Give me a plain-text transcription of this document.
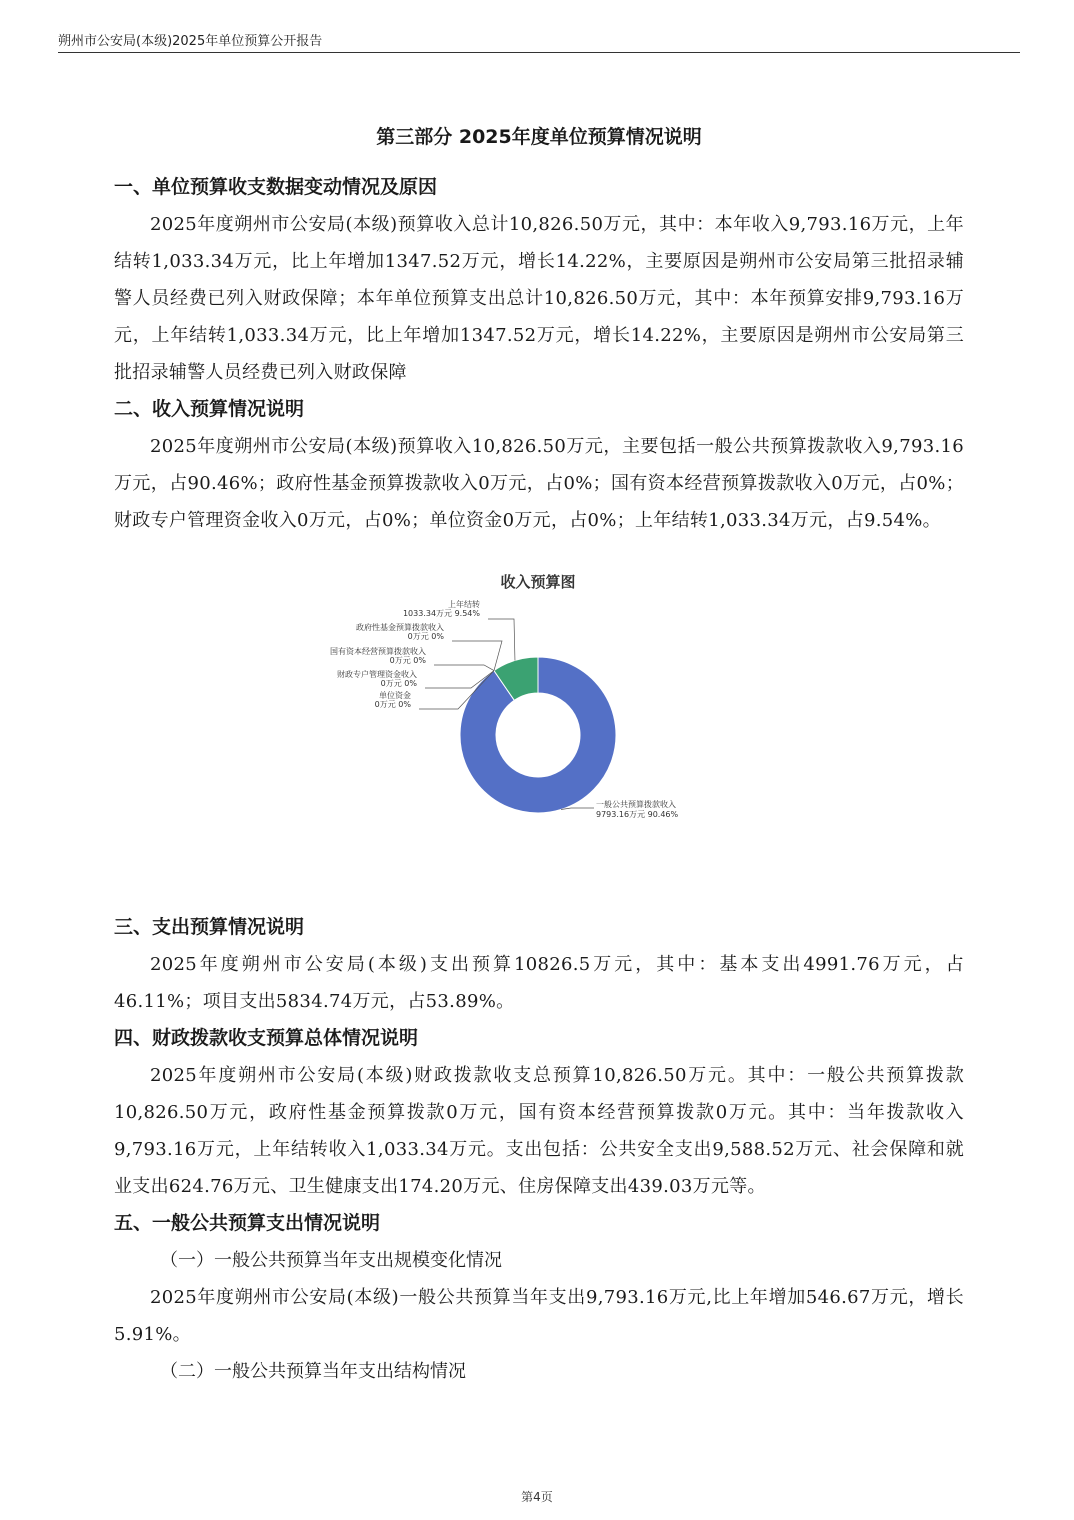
朔州市公安局(本级)2025年单位预算公开报告
第三部分 2025年度单位预算情况说明
一、单位预算收支数据变动情况及原因

2025年度朔州市公安局(本级)预算收入总计10,826.50万元，其中：本年收入9,793.16万元，上年结转1,033.34万元，比上年增加1347.52万元，增长14.22%，主要原因是朔州市公安局第三批招录辅警人员经费已列入财政保障；本年单位预算支出总计10,826.50万元，其中：本年预算安排9,793.16万元，上年结转1,033.34万元，比上年增加1347.52万元，增长14.22%，主要原因是朔州市公安局第三批招录辅警人员经费已列入财政保障

二、收入预算情况说明

2025年度朔州市公安局(本级)预算收入10,826.50万元，主要包括一般公共预算拨款收入9,793.16万元，占90.46%；政府性基金预算拨款收入0万元，占0%；国有资本经营预算拨款收入0万元，占0%；财政专户管理资金收入0万元，占0%；单位资金0万元，占0%；上年结转1,033.34万元，占9.54%。

收入预算图
一般公共预算拨款收入
9793.16万元 90.46%
政府性基金预算拨款收入
0万元 0%
国有资本经营预算拨款收入
0万元 0%
财政专户管理资金收入
0万元 0%
单位资金
0万元 0%
上年结转
1033.34万元 9.54%
三、支出预算情况说明

2025年度朔州市公安局(本级)支出预算10826.5万元，其中：基本支出4991.76万元，占46.11%；项目支出5834.74万元，占53.89%。

四、财政拨款收支预算总体情况说明

2025年度朔州市公安局(本级)财政拨款收支总预算10,826.50万元。其中：一般公共预算拨款10,826.50万元，政府性基金预算拨款0万元，国有资本经营预算拨款0万元。其中：当年拨款收入9,793.16万元，上年结转收入1,033.34万元。支出包括：公共安全支出9,588.52万元、社会保障和就业支出624.76万元、卫生健康支出174.20万元、住房保障支出439.03万元等。

五、一般公共预算支出情况说明
（一）一般公共预算当年支出规模变化情况

2025年度朔州市公安局(本级)一般公共预算当年支出9,793.16万元,比上年增加546.67万元，增长5.91%。

（二）一般公共预算当年支出结构情况
第4页
